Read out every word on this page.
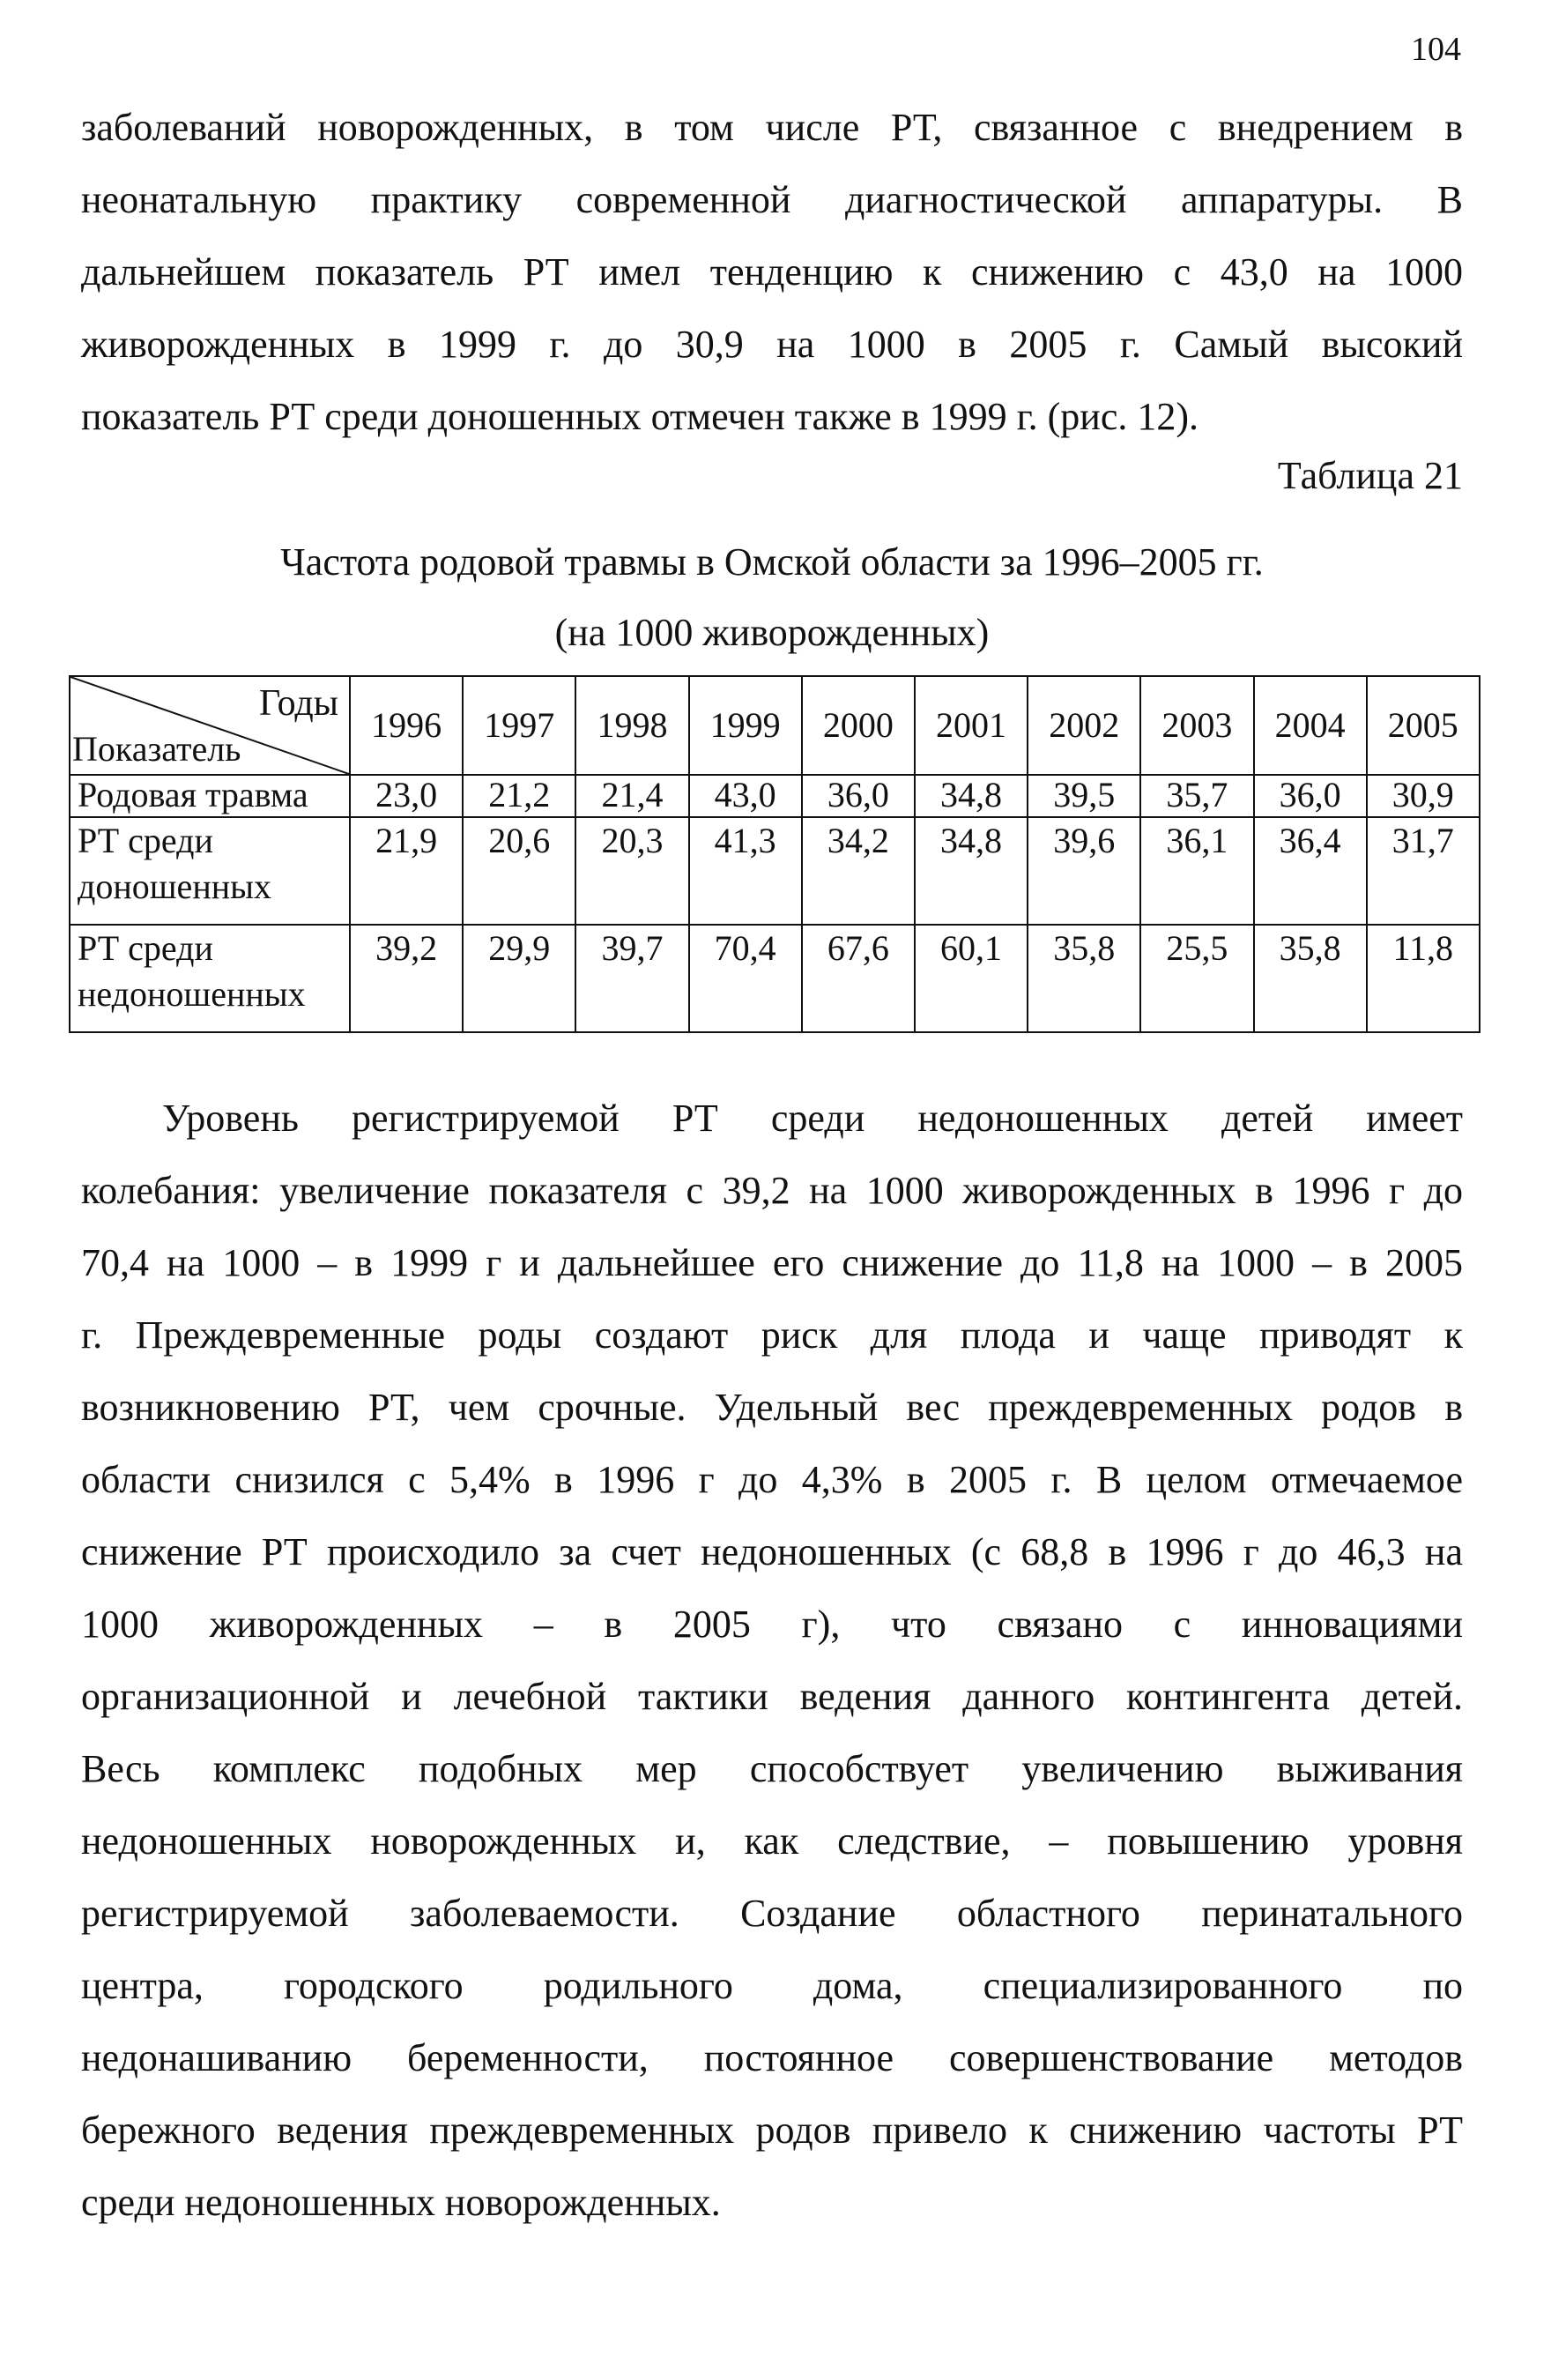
104
заболеваний новорожденных, в том числе РТ, связанное с внедрением в
неонатальную практику современной диагностической аппаратуры. В
дальнейшем показатель РТ имел тенденцию к снижению с 43,0 на 1000
живорожденных в 1999 г. до 30,9 на 1000 в 2005 г. Самый высокий
показатель РТ среди доношенных отмечен также в 1999 г. (рис. 12).
Таблица 21
Частота родовой травмы в Омской области за 1996–2005 гг.
(на 1000 живорожденных)
Годы
Показатель	1996	1997	1998	1999	2000	2001	2002	2003	2004	2005
Родовая травма	23,0	21,2	21,4	43,0	36,0	34,8	39,5	35,7	36,0	30,9
РТ среди
доношенных	21,9	20,6	20,3	41,3	34,2	34,8	39,6	36,1	36,4	31,7
РТ среди
недоношенных	39,2	29,9	39,7	70,4	67,6	60,1	35,8	25,5	35,8	11,8
Уровень регистрируемой РТ среди недоношенных детей имеет
колебания: увеличение показателя с 39,2 на 1000 живорожденных в 1996 г до
70,4 на 1000 – в 1999 г и дальнейшее его снижение до 11,8 на 1000 – в 2005
г. Преждевременные роды создают риск для плода и чаще приводят к
возникновению РТ, чем срочные. Удельный вес преждевременных родов в
области снизился с 5,4% в 1996 г до 4,3% в 2005 г. В целом отмечаемое
снижение РТ происходило за счет недоношенных (с 68,8 в 1996 г до 46,3 на
1000 живорожденных – в 2005 г), что связано с инновациями
организационной и лечебной тактики ведения данного контингента детей.
Весь комплекс подобных мер способствует увеличению выживания
недоношенных новорожденных и, как следствие, – повышению уровня
регистрируемой заболеваемости. Создание областного перинатального
центра, городского родильного дома, специализированного по
недонашиванию беременности, постоянное совершенствование методов
бережного ведения преждевременных родов привело к снижению частоты РТ
среди недоношенных новорожденных.
